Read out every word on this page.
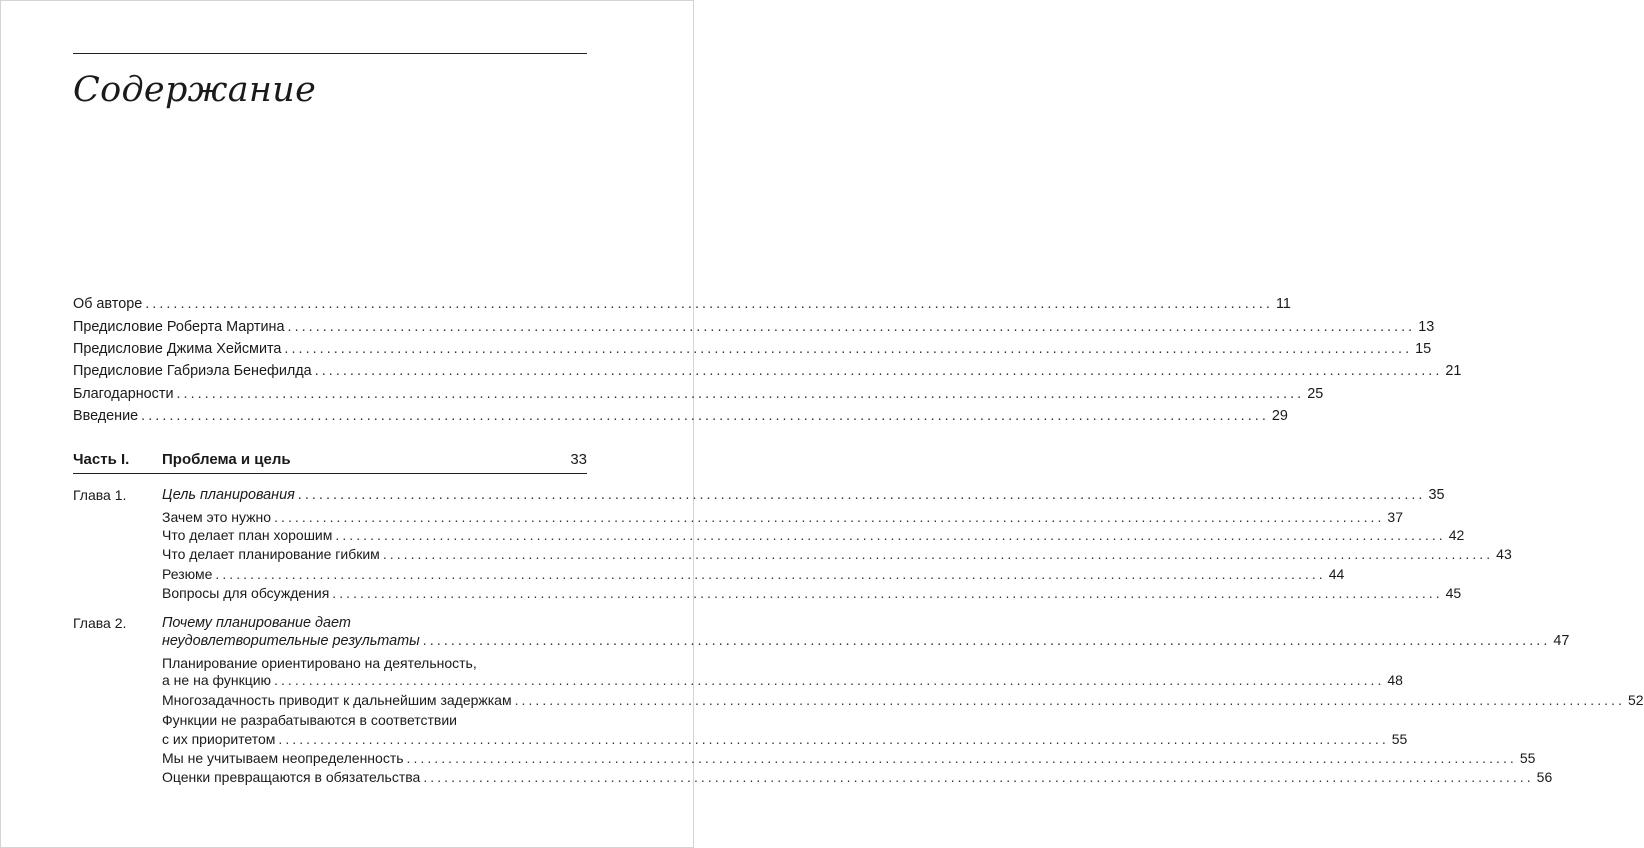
Содержание
Об авторе ................................................................................................................................................................ 11
Предисловие Роберта Мартина ................................................................................................................................................................ 13
Предисловие Джима Хейсмита ................................................................................................................................................................ 15
Предисловие Габриэла Бенефилда ................................................................................................................................................................ 21
Благодарности ................................................................................................................................................................ 25
Введение ................................................................................................................................................................ 29
Часть I. Проблема и цель	33
Глава 1. Цель планирования ................................................................................................................................................................ 35
Зачем это нужно ................................................................................................................................................................ 37
Что делает план хорошим ................................................................................................................................................................ 42
Что делает планирование гибким ................................................................................................................................................................ 43
Резюме ................................................................................................................................................................ 44
Вопросы для обсуждения ................................................................................................................................................................ 45
Глава 2. Почему планирование дает
неудовлетворительные результаты ................................................................................................................................................................ 47
Планирование ориентировано на деятельность,
а не на функцию ................................................................................................................................................................ 48
Многозадачность приводит к дальнейшим задержкам ................................................................................................................................................................ 52
Функции не разрабатываются в соответствии
с их приоритетом ................................................................................................................................................................ 55
Мы не учитываем неопределенность ................................................................................................................................................................ 55
Оценки превращаются в обязательства ................................................................................................................................................................ 56
